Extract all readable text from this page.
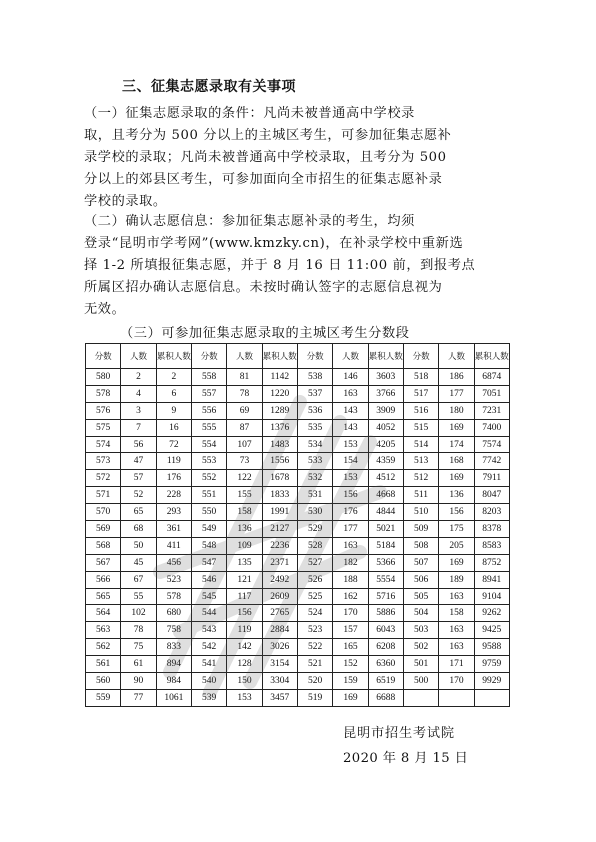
三、征集志愿录取有关事项

（一）征集志愿录取的条件：凡尚未被普通高中学校录
取，且考分为 500 分以上的主城区考生，可参加征集志愿补
录学校的录取；凡尚未被普通高中学校录取，且考分为 500
分以上的郊县区考生，可参加面向全市招生的征集志愿补录
学校的录取。

（二）确认志愿信息：参加征集志愿补录的考生，均须
登录“昆明市学考网”(www.kmzky.cn)，在补录学校中重新选
择 1-2 所填报征集志愿，并于 8 月 16 日 11:00 前，到报考点
所属区招办确认志愿信息。未按时确认签字的志愿信息视为
无效。

（三）可参加征集志愿录取的主城区考生分数段
分数	人数	累积人数	分数	人数	累积人数	分数	人数	累积人数	分数	人数	累积人数
580	2	2	558	81	1142	538	146	3603	518	186	6874
578	4	6	557	78	1220	537	163	3766	517	177	7051
576	3	9	556	69	1289	536	143	3909	516	180	7231
575	7	16	555	87	1376	535	143	4052	515	169	7400
574	56	72	554	107	1483	534	153	4205	514	174	7574
573	47	119	553	73	1556	533	154	4359	513	168	7742
572	57	176	552	122	1678	532	153	4512	512	169	7911
571	52	228	551	155	1833	531	156	4668	511	136	8047
570	65	293	550	158	1991	530	176	4844	510	156	8203
569	68	361	549	136	2127	529	177	5021	509	175	8378
568	50	411	548	109	2236	528	163	5184	508	205	8583
567	45	456	547	135	2371	527	182	5366	507	169	8752
566	67	523	546	121	2492	526	188	5554	506	189	8941
565	55	578	545	117	2609	525	162	5716	505	163	9104
564	102	680	544	156	2765	524	170	5886	504	158	9262
563	78	758	543	119	2884	523	157	6043	503	163	9425
562	75	833	542	142	3026	522	165	6208	502	163	9588
561	61	894	541	128	3154	521	152	6360	501	171	9759
560	90	984	540	150	3304	520	159	6519	500	170	9929
559	77	1061	539	153	3457	519	169	6688			
昆明市招生考试院
2020 年 8 月 15 日
